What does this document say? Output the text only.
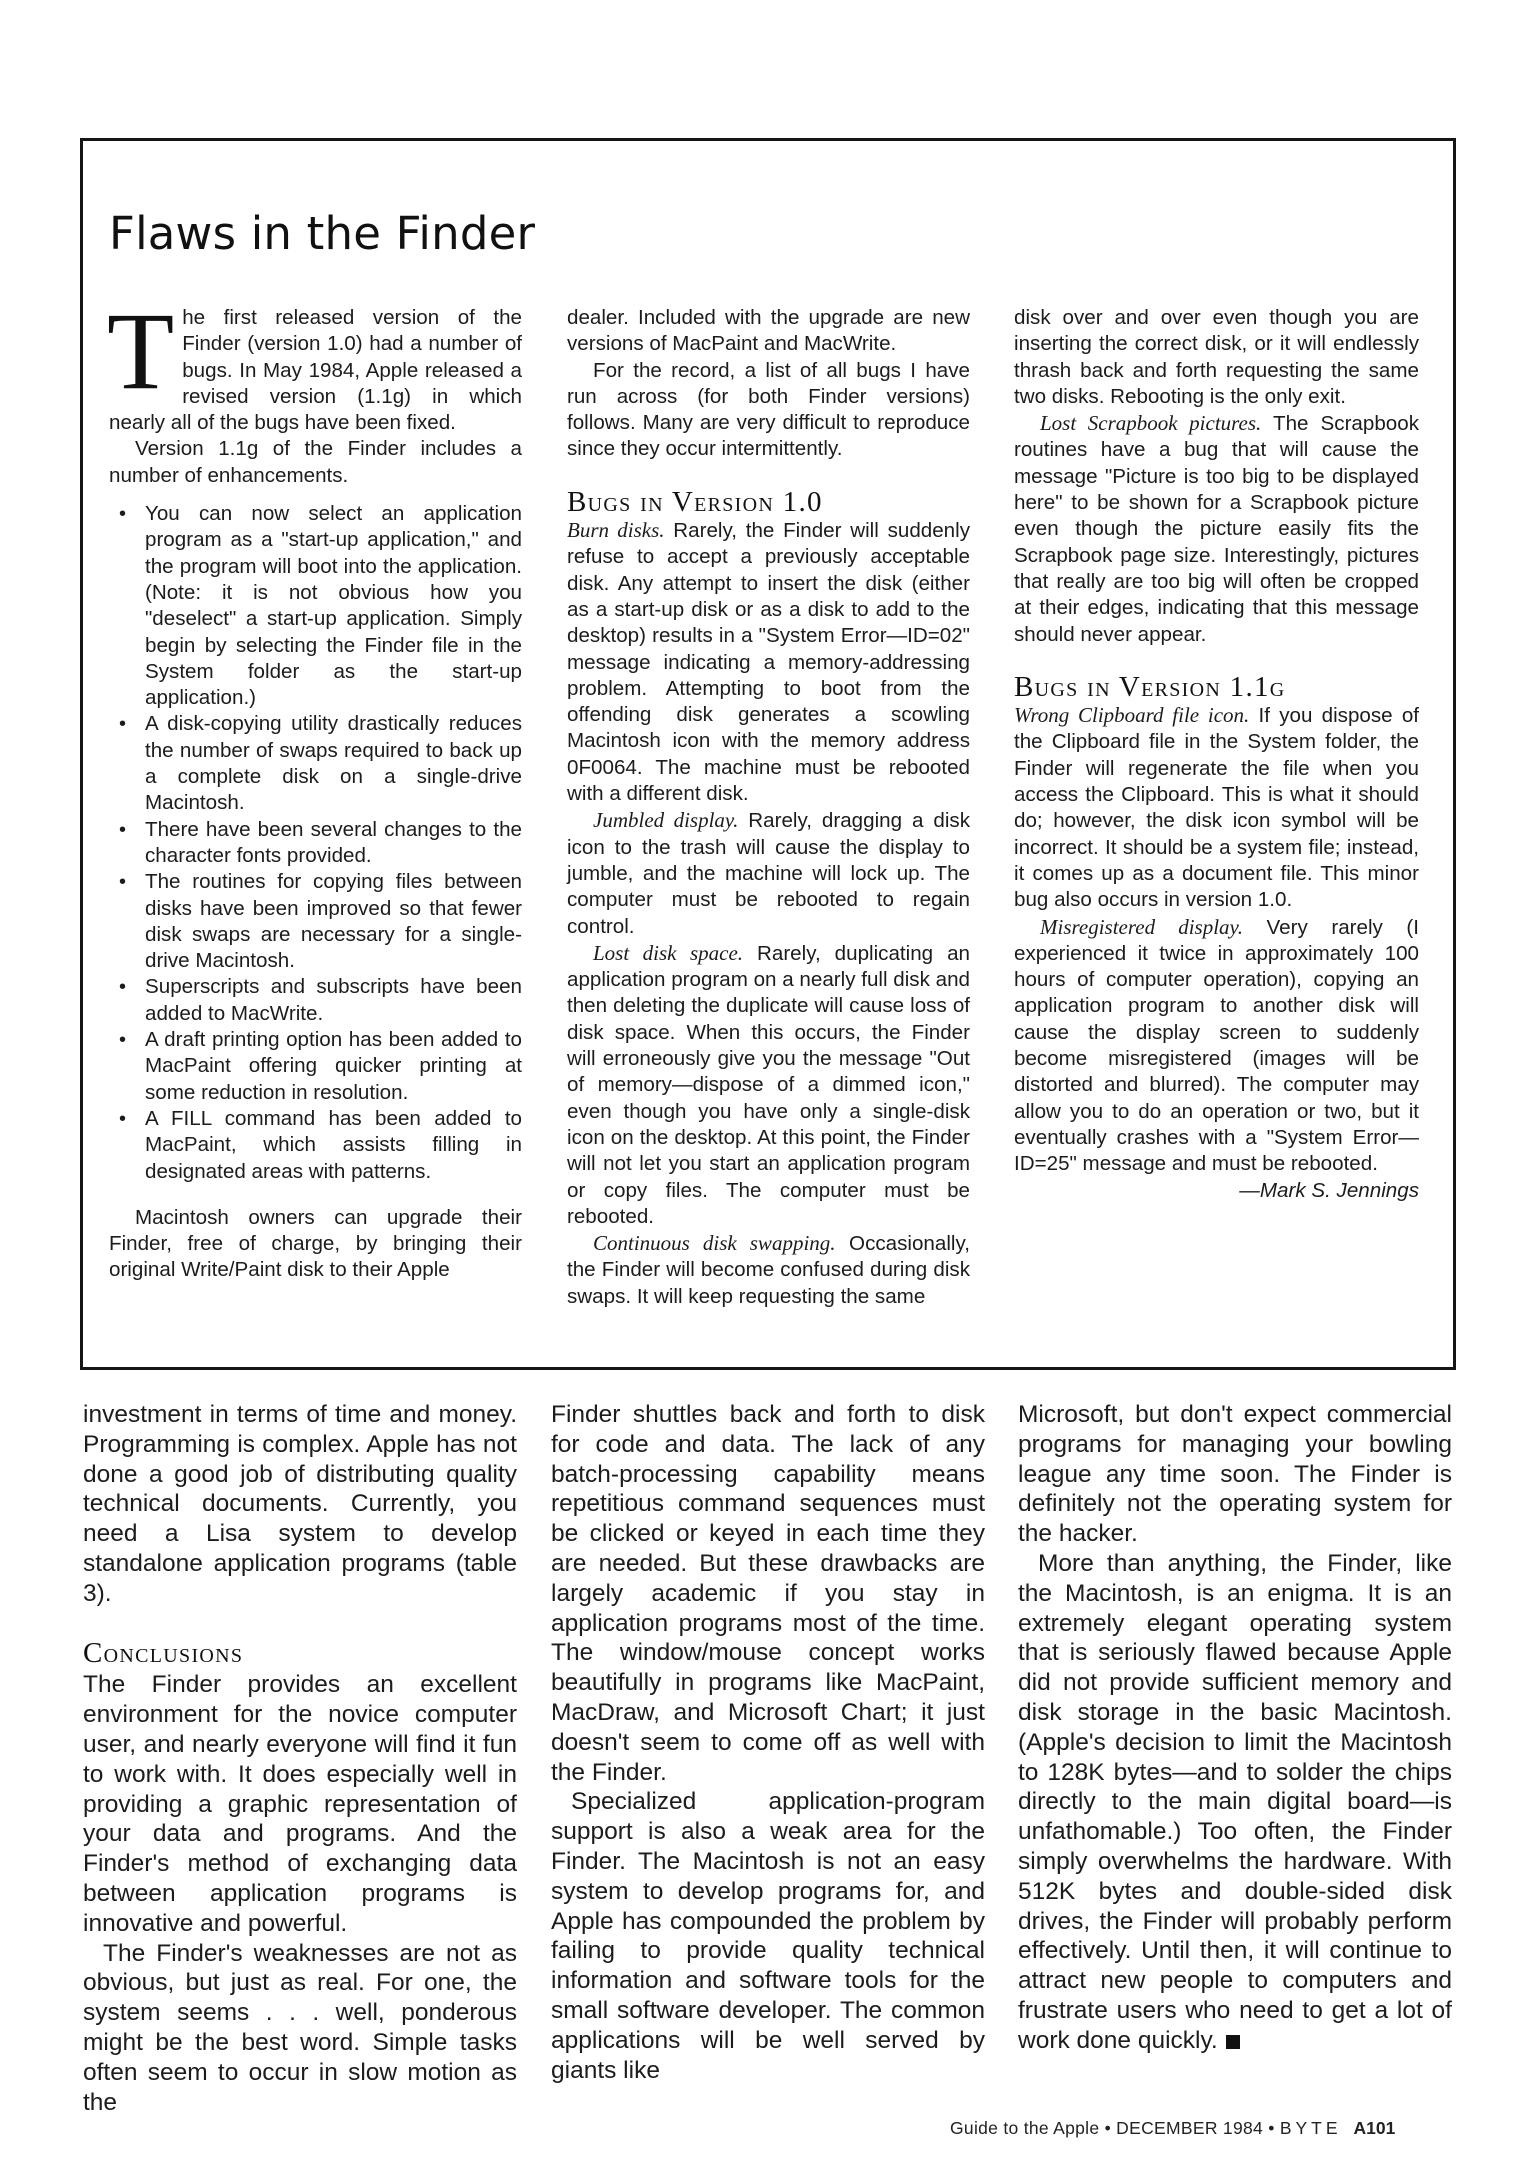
Flaws in the Finder

The first released version of the Finder (version 1.0) had a number of bugs. In May 1984, Apple released a revised version (1.1g) in which nearly all of the bugs have been fixed.

Version 1.1g of the Finder includes a number of enhancements.

• You can now select an application program as a "start-up application," and the program will boot into the application. (Note: it is not obvious how you "deselect" a start-up application. Simply begin by selecting the Finder file in the System folder as the start-up application.)
• A disk-copying utility drastically reduces the number of swaps required to back up a complete disk on a single-drive Macintosh.
• There have been several changes to the character fonts provided.
• The routines for copying files between disks have been improved so that fewer disk swaps are necessary for a single-drive Macintosh.
• Superscripts and subscripts have been added to MacWrite.
• A draft printing option has been added to MacPaint offering quicker printing at some reduction in resolution.
• A FILL command has been added to MacPaint, which assists filling in designated areas with patterns.

Macintosh owners can upgrade their Finder, free of charge, by bringing their original Write/Paint disk to their Apple

dealer. Included with the upgrade are new versions of MacPaint and MacWrite.

For the record, a list of all bugs I have run across (for both Finder versions) follows. Many are very difficult to reproduce since they occur intermittently.

Bugs in Version 1.0

Burn disks. Rarely, the Finder will suddenly refuse to accept a previously acceptable disk. Any attempt to insert the disk (either as a start-up disk or as a disk to add to the desktop) results in a "System Error—ID=02" message indicating a memory-addressing problem. Attempting to boot from the offending disk generates a scowling Macintosh icon with the memory address 0F0064. The machine must be rebooted with a different disk.

Jumbled display. Rarely, dragging a disk icon to the trash will cause the display to jumble, and the machine will lock up. The computer must be rebooted to regain control.

Lost disk space. Rarely, duplicating an application program on a nearly full disk and then deleting the duplicate will cause loss of disk space. When this occurs, the Finder will erroneously give you the message "Out of memory—dispose of a dimmed icon," even though you have only a single-disk icon on the desktop. At this point, the Finder will not let you start an application program or copy files. The computer must be rebooted.

Continuous disk swapping. Occasionally, the Finder will become confused during disk swaps. It will keep requesting the same

disk over and over even though you are inserting the correct disk, or it will endlessly thrash back and forth requesting the same two disks. Rebooting is the only exit.

Lost Scrapbook pictures. The Scrapbook routines have a bug that will cause the message "Picture is too big to be displayed here" to be shown for a Scrapbook picture even though the picture easily fits the Scrapbook page size. Interestingly, pictures that really are too big will often be cropped at their edges, indicating that this message should never appear.

Bugs in Version 1.1g

Wrong Clipboard file icon. If you dispose of the Clipboard file in the System folder, the Finder will regenerate the file when you access the Clipboard. This is what it should do; however, the disk icon symbol will be incorrect. It should be a system file; instead, it comes up as a document file. This minor bug also occurs in version 1.0.

Misregistered display. Very rarely (I experienced it twice in approximately 100 hours of computer operation), copying an application program to another disk will cause the display screen to suddenly become misregistered (images will be distorted and blurred). The computer may allow you to do an operation or two, but it eventually crashes with a "System Error—ID=25" message and must be rebooted.

—Mark S. Jennings

investment in terms of time and money. Programming is complex. Apple has not done a good job of distributing quality technical documents. Currently, you need a Lisa system to develop standalone application programs (table 3).

Conclusions

The Finder provides an excellent environment for the novice computer user, and nearly everyone will find it fun to work with. It does especially well in providing a graphic representation of your data and programs. And the Finder's method of exchanging data between application programs is innovative and powerful.

The Finder's weaknesses are not as obvious, but just as real. For one, the system seems . . . well, ponderous might be the best word. Simple tasks often seem to occur in slow motion as the

Finder shuttles back and forth to disk for code and data. The lack of any batch-processing capability means repetitious command sequences must be clicked or keyed in each time they are needed. But these drawbacks are largely academic if you stay in application programs most of the time. The window/mouse concept works beautifully in programs like MacPaint, MacDraw, and Microsoft Chart; it just doesn't seem to come off as well with the Finder.

Specialized application-program support is also a weak area for the Finder. The Macintosh is not an easy system to develop programs for, and Apple has compounded the problem by failing to provide quality technical information and software tools for the small software developer. The common applications will be well served by giants like

Microsoft, but don't expect commercial programs for managing your bowling league any time soon. The Finder is definitely not the operating system for the hacker.

More than anything, the Finder, like the Macintosh, is an enigma. It is an extremely elegant operating system that is seriously flawed because Apple did not provide sufficient memory and disk storage in the basic Macintosh. (Apple's decision to limit the Macintosh to 128K bytes—and to solder the chips directly to the main digital board—is unfathomable.) Too often, the Finder simply overwhelms the hardware. With 512K bytes and double-sided disk drives, the Finder will probably perform effectively. Until then, it will continue to attract new people to computers and frustrate users who need to get a lot of work done quickly.

Guide to the Apple • DECEMBER 1984 • BYTE A101
